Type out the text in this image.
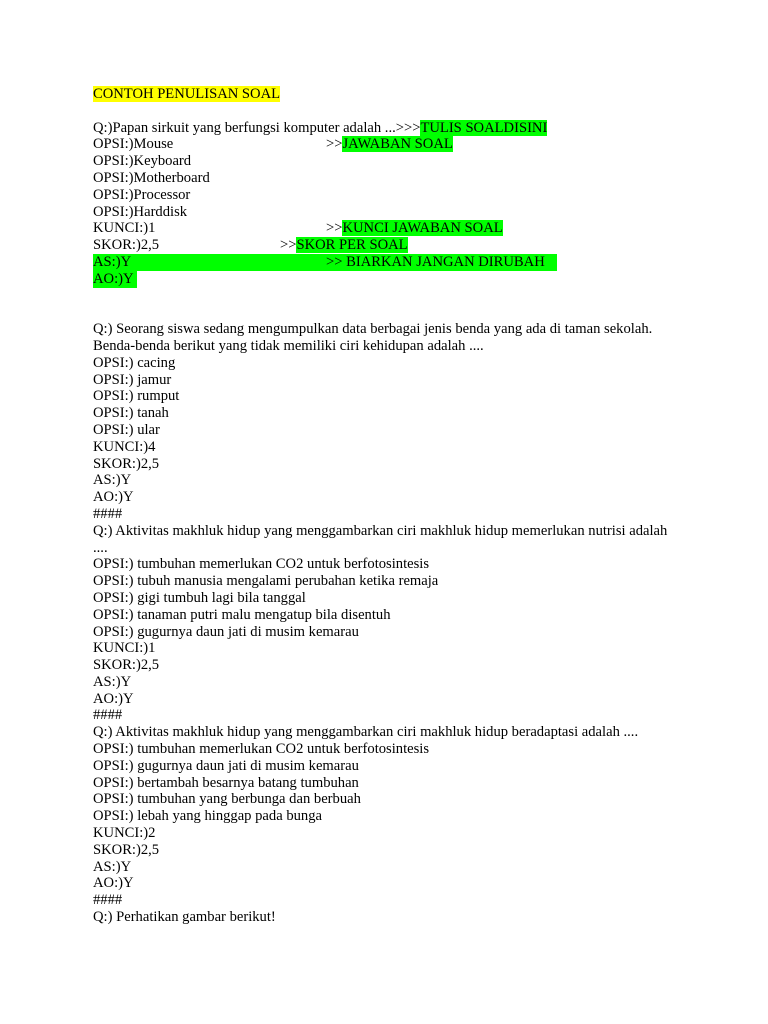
CONTOH PENULISAN SOAL
Q:)Papan sirkuit yang berfungsi komputer adalah ...>>>TULIS SOALDISINI
OPSI:)Mouse	>>JAWABAN SOAL
OPSI:)Keyboard
OPSI:)Motherboard
OPSI:)Processor
OPSI:)Harddisk
KUNCI:)1	>>KUNCI JAWABAN SOAL
SKOR:)2,5	>>SKOR PER SOAL
AS:)Y	>> BIARKAN JANGAN DIRUBAH
AO:)Y
Q:) Seorang siswa sedang mengumpulkan data berbagai jenis benda yang ada di taman sekolah. Benda-benda berikut yang tidak memiliki ciri kehidupan adalah ....
OPSI:) cacing
OPSI:) jamur
OPSI:) rumput
OPSI:) tanah
OPSI:) ular
KUNCI:)4
SKOR:)2,5
AS:)Y
AO:)Y
####
Q:) Aktivitas makhluk hidup yang menggambarkan ciri makhluk hidup memerlukan nutrisi adalah ....
OPSI:) tumbuhan memerlukan CO2 untuk berfotosintesis
OPSI:) tubuh manusia mengalami perubahan ketika remaja
OPSI:) gigi tumbuh lagi bila tanggal
OPSI:) tanaman putri malu mengatup bila disentuh
OPSI:) gugurnya daun jati di musim kemarau
KUNCI:)1
SKOR:)2,5
AS:)Y
AO:)Y
####
Q:) Aktivitas makhluk hidup yang menggambarkan ciri makhluk hidup beradaptasi adalah ....
OPSI:) tumbuhan memerlukan CO2 untuk berfotosintesis
OPSI:) gugurnya daun jati di musim kemarau
OPSI:) bertambah besarnya batang tumbuhan
OPSI:) tumbuhan yang berbunga dan berbuah
OPSI:) lebah yang hinggap pada bunga
KUNCI:)2
SKOR:)2,5
AS:)Y
AO:)Y
####
Q:) Perhatikan gambar berikut!
